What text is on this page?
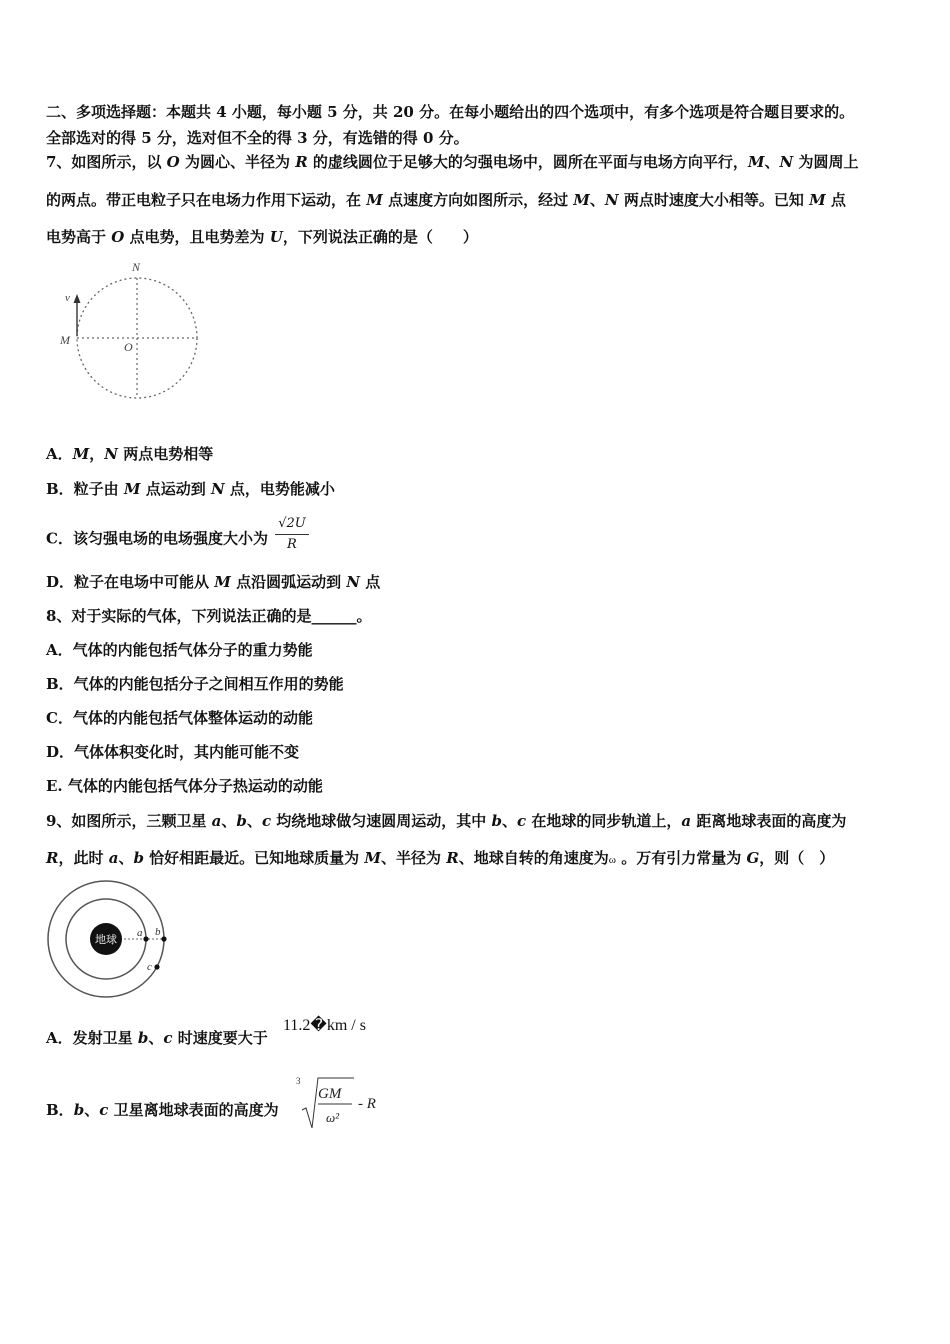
二、多项选择题：本题共 4 小题，每小题 5 分，共 20 分。在每小题给出的四个选项中，有多个选项是符合题目要求的。
全部选对的得 5 分，选对但不全的得 3 分，有选错的得 0 分。
7、如图所示，以 O 为圆心、半径为 R 的虚线圆位于足够大的匀强电场中，圆所在平面与电场方向平行，M、N 为圆周上
的两点。带正电粒子只在电场力作用下运动，在 M 点速度方向如图所示，经过 M、N 两点时速度大小相等。已知 M 点
电势高于 O 点电势，且电势差为 U，下列说法正确的是（　　）
N
v
M	O
A．M，N 两点电势相等
B．粒子由 M 点运动到 N 点，电势能减小
C．该匀强电场的电场强度大小为 $\frac{√2U}{R}$
D．粒子在电场中可能从 M 点沿圆弧运动到 N 点
8、对于实际的气体，下列说法正确的是______。
A．气体的内能包括气体分子的重力势能
B．气体的内能包括分子之间相互作用的势能
C．气体的内能包括气体整体运动的动能
D．气体体积变化时，其内能可能不变
E. 气体的内能包括气体分子热运动的动能
9、如图所示，三颗卫星 a、b、c 均绕地球做匀速圆周运动，其中 b、c 在地球的同步轨道上，a 距离地球表面的高度为
R，此时 a、b 恰好相距最近。已知地球质量为 M、半径为 R、地球自转的角速度为ω 。万有引力常量为 G，则（　）
地球
a b
c
A．发射卫星 b、c 时速度要大于
11.2�km / s
B．b、c 卫星离地球表面的高度为
3
GM
ω²
- R
